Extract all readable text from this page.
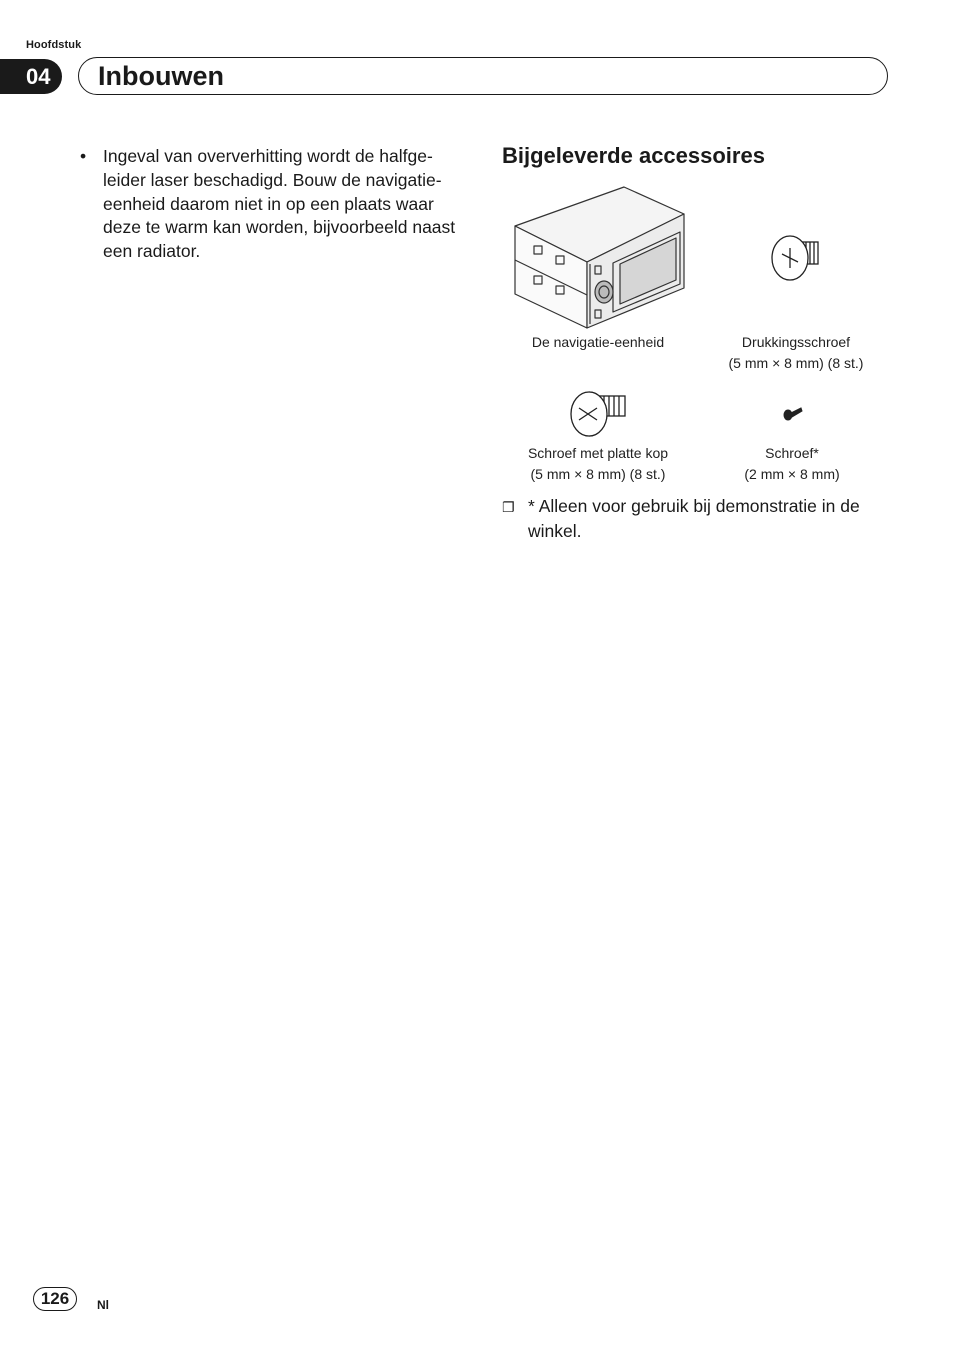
Hoofdstuk
04	Inbouwen
• Ingeval van oververhitting wordt de halfge-leider laser beschadigd. Bouw de navigatie-eenheid daarom niet in op een plaats waar deze te warm kan worden, bijvoorbeeld naast een radiator.
Bijgeleverde accessoires
De navigatie-eenheid	Drukkingsschroef
(5 mm × 8 mm) (8 st.)
Schroef met platte kop
(5 mm × 8 mm) (8 st.)
Schroef*
(2 mm × 8 mm)
❐ * Alleen voor gebruik bij demonstratie in de winkel.
126	Nl
